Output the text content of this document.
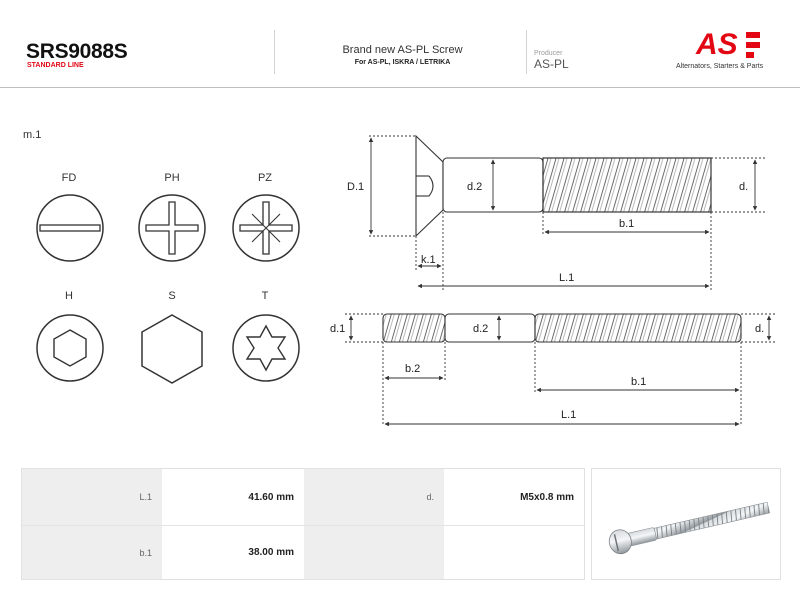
SRS9088S
STANDARD LINE
Brand new AS-PL Screw
For AS-PL, ISKRA / LETRIKA
Producer
AS-PL
AS
Alternators, Starters & Parts
m.1
FD	PH	PZ
H	S	T
D.1	d.2	d.
b.1
k.1
L.1
d.1	d.2	d.
b.2
b.1
L.1
L.1	41.60 mm	d.	M5x0.8 mm
b.1	38.00 mm
